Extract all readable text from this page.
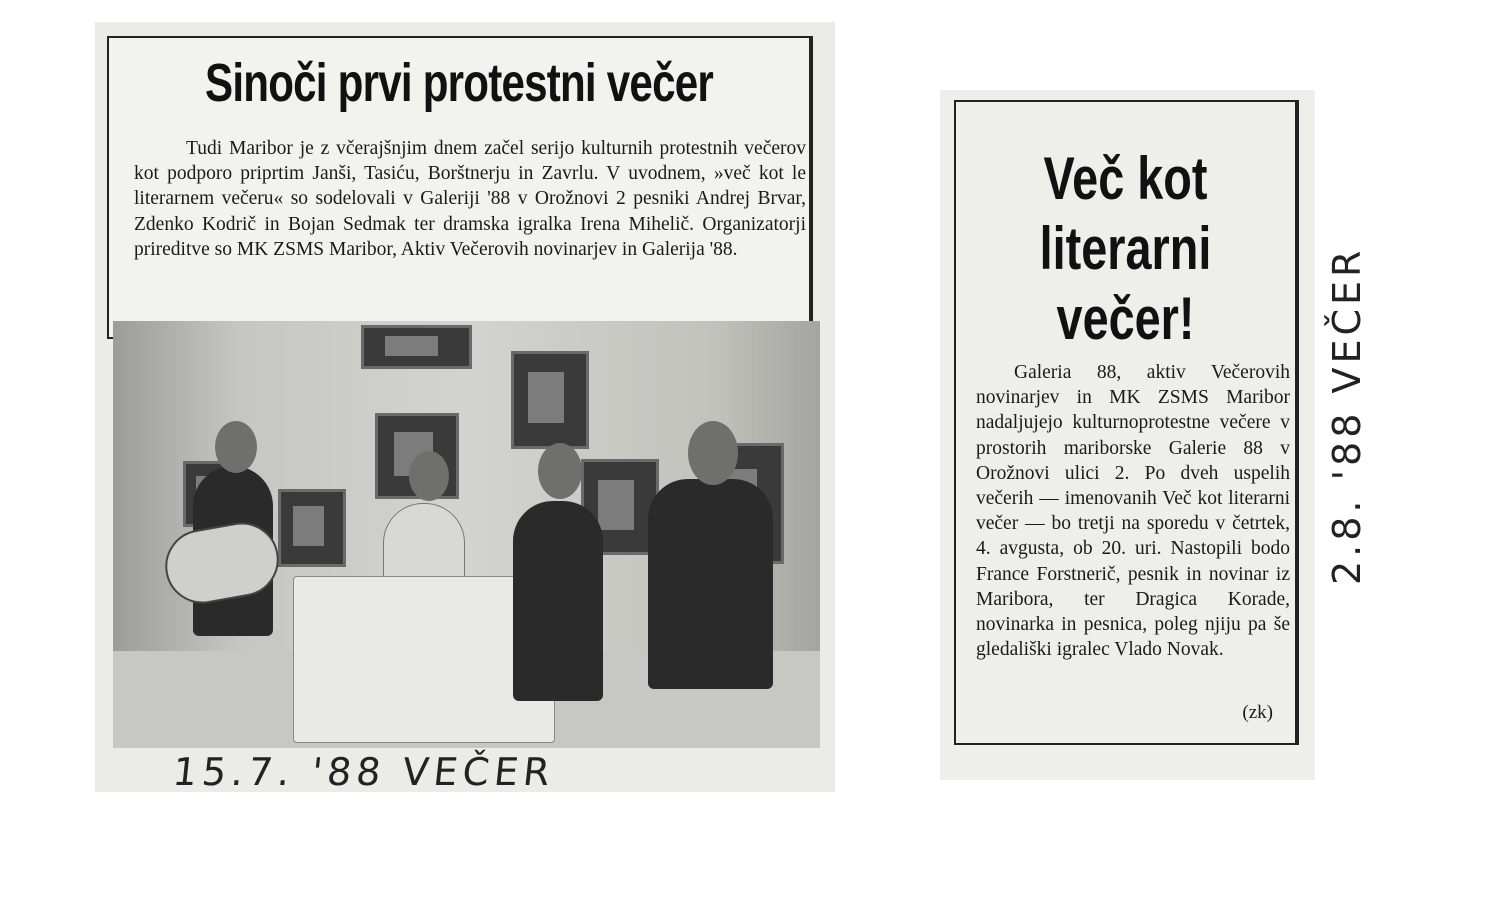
Sinoči prvi protestni večer

Tudi Maribor je z včerajšnjim dnem začel serijo kulturnih protestnih večerov kot podporo priprtim Janši, Tasiću, Borštnerju in Zavrlu. V uvodnem, »več kot le literarnem večeru« so sodelovali v Galeriji '88 v Orožnovi 2 pesniki Andrej Brvar, Zdenko Kodrič in Bojan Sedmak ter dramska igralka Irena Mihelič. Organizatorji prireditve so MK ZSMS Maribor, Aktiv Večerovih novinarjev in Galerija '88.

15.7. '88 VEČER
Več kot
literarni
večer!

Galeria 88, aktiv Večerovih novinarjev in MK ZSMS Maribor nadaljujejo kulturnoprotestne večere v prostorih mariborske Galerie 88 v Orožnovi ulici 2. Po dveh uspelih večerih — imenovanih Več kot literarni večer — bo tretji na sporedu v četrtek, 4. avgusta, ob 20. uri. Nastopili bodo France Forstnerič, pesnik in novinar iz Maribora, ter Dragica Korade, novinarka in pesnica, poleg njiju pa še gledališki igralec Vlado Novak.

(zk)
2.8. '88 VEČER
